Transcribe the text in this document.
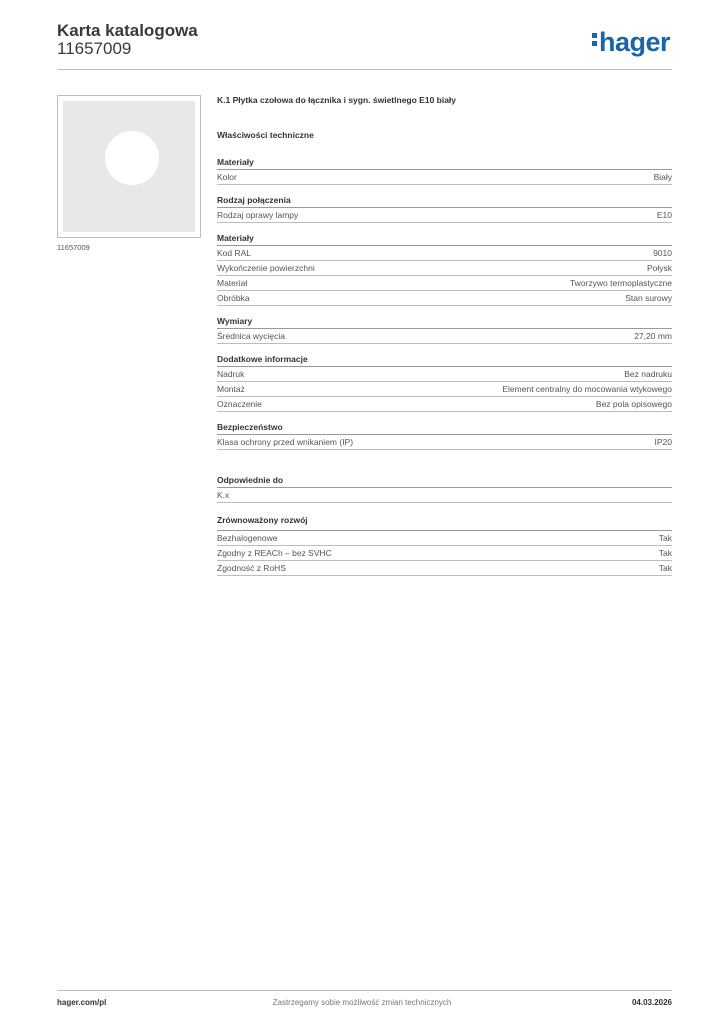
Karta katalogowa
11657009	hager
11657009
K.1 Płytka czołowa do łącznika i sygn. świetlnego E10 biały
Właściwości techniczne
Materiały
Kolor	Biały
Rodzaj połączenia
Rodzaj oprawy lampy	E10
Materiały
Kod RAL	9010
Wykończenie powierzchni	Połysk
Materiał	Tworzywo termoplastyczne
Obróbka	Stan surowy
Wymiary
Średnica wycięcia	27,20 mm
Dodatkowe informacje
Nadruk	Bez nadruku
Montaż	Element centralny do mocowania wtykowego
Oznaczenie	Bez pola opisowego
Bezpieczeństwo
Klasa ochrony przed wnikaniem (IP)	IP20
Odpowiednie do
K.x
Zrównoważony rozwój
Bezhalogenowe	Tak
Zgodny z REACh – bez SVHC	Tak
Zgodność z RoHS	Tak
hager.com/pl	Zastrzegamy sobie możliwość zmian technicznych	04.03.2026
